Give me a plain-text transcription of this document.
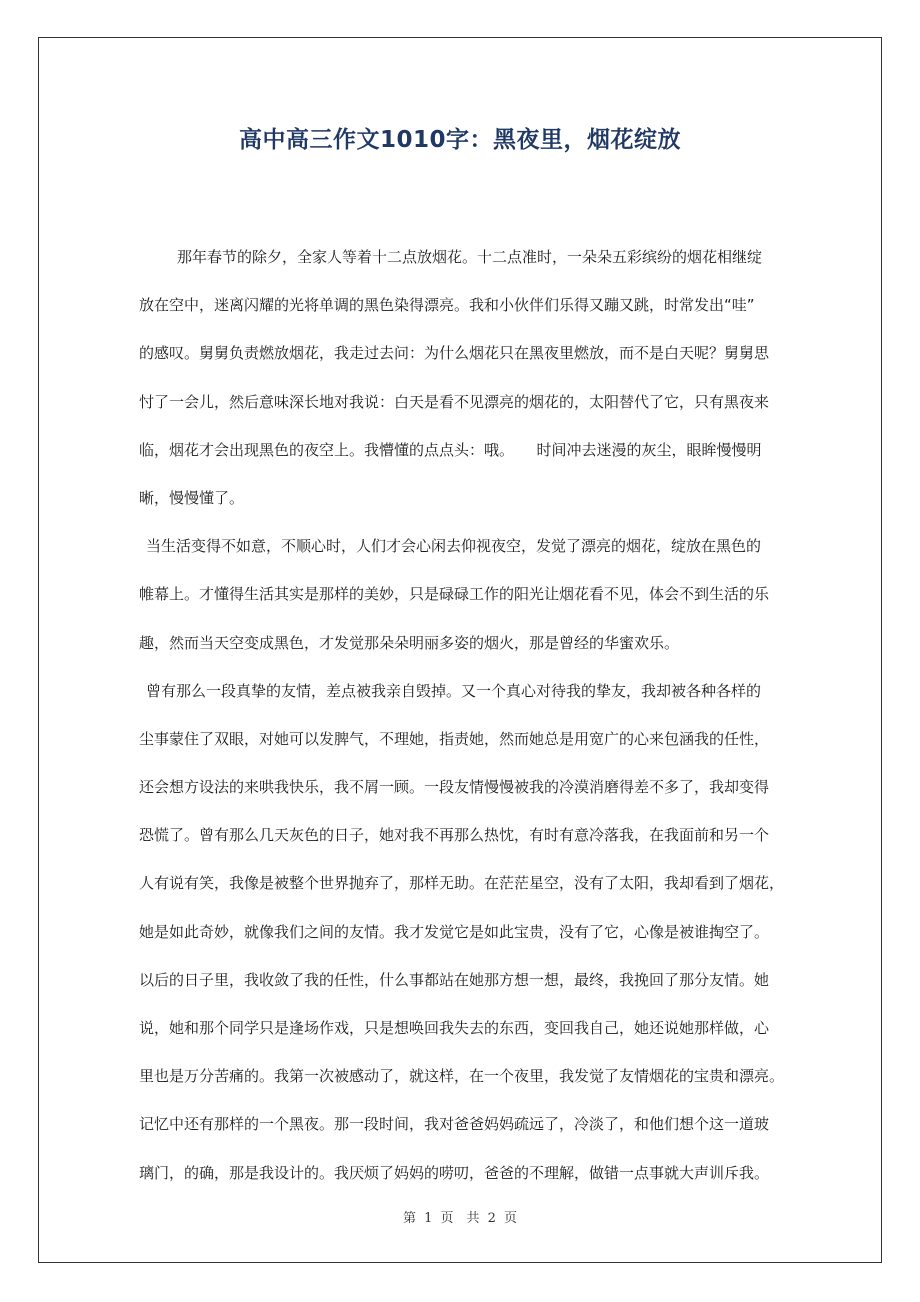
高中高三作文1010字：黑夜里，烟花绽放
那年春节的除夕，全家人等着十二点放烟花。十二点准时，一朵朵五彩缤纷的烟花相继绽
放在空中，迷离闪耀的光将单调的黑色染得漂亮。我和小伙伴们乐得又蹦又跳，时常发出“哇”
的感叹。舅舅负责燃放烟花，我走过去问：为什么烟花只在黑夜里燃放，而不是白天呢？舅舅思
忖了一会儿，然后意味深长地对我说：白天是看不见漂亮的烟花的，太阳替代了它，只有黑夜来
临，烟花才会出现黑色的夜空上。我懵懂的点点头：哦。　　时间冲去迷漫的灰尘，眼眸慢慢明
晰，慢慢懂了。
当生活变得不如意，不顺心时，人们才会心闲去仰视夜空，发觉了漂亮的烟花，绽放在黑色的
帷幕上。才懂得生活其实是那样的美妙，只是碌碌工作的阳光让烟花看不见，体会不到生活的乐
趣，然而当天空变成黑色，才发觉那朵朵明丽多姿的烟火，那是曾经的华蜜欢乐。
曾有那么一段真挚的友情，差点被我亲自毁掉。又一个真心对待我的挚友，我却被各种各样的
尘事蒙住了双眼，对她可以发脾气，不理她，指责她，然而她总是用宽广的心来包涵我的任性，
还会想方设法的来哄我快乐，我不屑一顾。一段友情慢慢被我的冷漠消磨得差不多了，我却变得
恐慌了。曾有那么几天灰色的日子，她对我不再那么热忱，有时有意冷落我，在我面前和另一个
人有说有笑，我像是被整个世界抛弃了，那样无助。在茫茫星空，没有了太阳，我却看到了烟花，
她是如此奇妙，就像我们之间的友情。我才发觉它是如此宝贵，没有了它，心像是被谁掏空了。
以后的日子里，我收敛了我的任性，什么事都站在她那方想一想，最终，我挽回了那分友情。她
说，她和那个同学只是逢场作戏，只是想唤回我失去的东西，变回我自己，她还说她那样做，心
里也是万分苦痛的。我第一次被感动了，就这样，在一个夜里，我发觉了友情烟花的宝贵和漂亮。
记忆中还有那样的一个黑夜。那一段时间，我对爸爸妈妈疏远了，冷淡了，和他们想个这一道玻
璃门，的确，那是我设计的。我厌烦了妈妈的唠叨，爸爸的不理解，做错一点事就大声训斥我。
第 1 页　共 2 页
